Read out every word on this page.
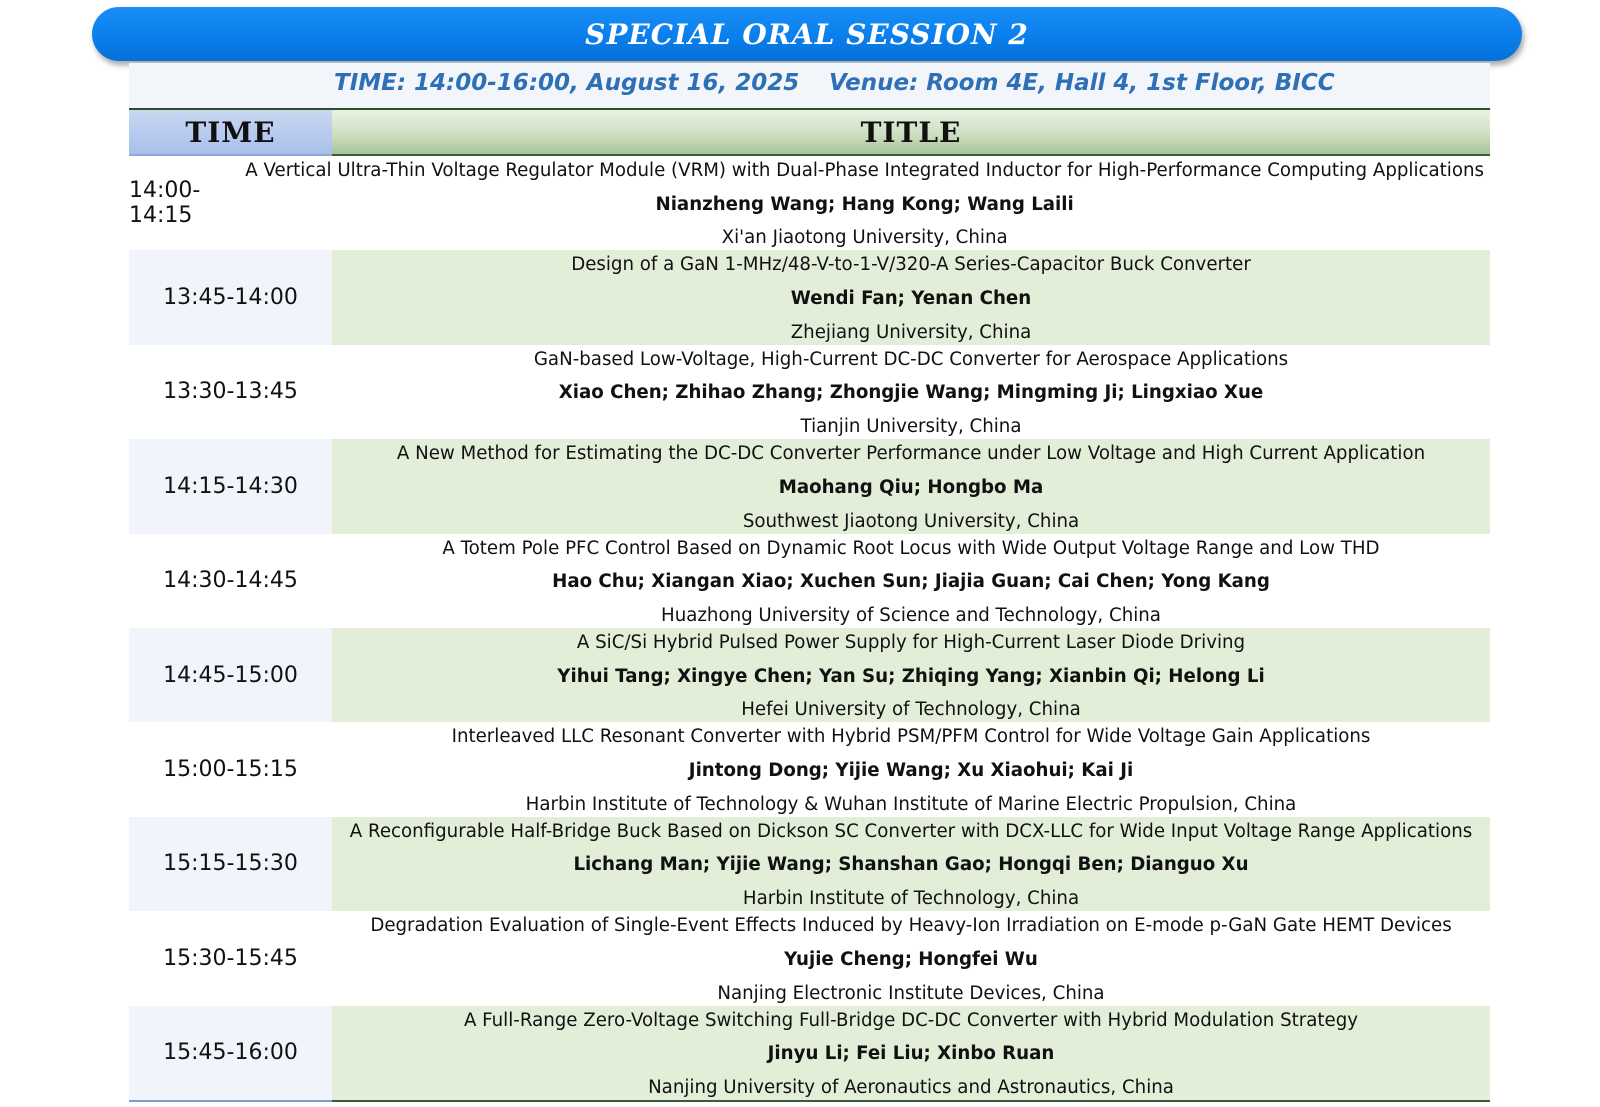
SPECIAL ORAL SESSION 2
TIME: 14:00-16:00, August 16, 2025 Venue: Room 4E, Hall 4, 1st Floor, BICC
TIME	TITLE
14:00-14:15
A Vertical Ultra-Thin Voltage Regulator Module (VRM) with Dual-Phase Integrated Inductor for High-Performance Computing Applications
Nianzheng Wang; Hang Kong; Wang Laili
Xi'an Jiaotong University, China
13:45-14:00
Design of a GaN 1-MHz/48-V-to-1-V/320-A Series-Capacitor Buck Converter
Wendi Fan; Yenan Chen
Zhejiang University, China
13:30-13:45
GaN-based Low-Voltage, High-Current DC-DC Converter for Aerospace Applications
Xiao Chen; Zhihao Zhang; Zhongjie Wang; Mingming Ji; Lingxiao Xue
Tianjin University, China
14:15-14:30
A New Method for Estimating the DC-DC Converter Performance under Low Voltage and High Current Application
Maohang Qiu; Hongbo Ma
Southwest Jiaotong University, China
14:30-14:45
A Totem Pole PFC Control Based on Dynamic Root Locus with Wide Output Voltage Range and Low THD
Hao Chu; Xiangan Xiao; Xuchen Sun; Jiajia Guan; Cai Chen; Yong Kang
Huazhong University of Science and Technology, China
14:45-15:00
A SiC/Si Hybrid Pulsed Power Supply for High-Current Laser Diode Driving
Yihui Tang; Xingye Chen; Yan Su; Zhiqing Yang; Xianbin Qi; Helong Li
Hefei University of Technology, China
15:00-15:15
Interleaved LLC Resonant Converter with Hybrid PSM/PFM Control for Wide Voltage Gain Applications
Jintong Dong; Yijie Wang; Xu Xiaohui; Kai Ji
Harbin Institute of Technology & Wuhan Institute of Marine Electric Propulsion, China
15:15-15:30
A Reconfigurable Half-Bridge Buck Based on Dickson SC Converter with DCX-LLC for Wide Input Voltage Range Applications
Lichang Man; Yijie Wang; Shanshan Gao; Hongqi Ben; Dianguo Xu
Harbin Institute of Technology, China
15:30-15:45
Degradation Evaluation of Single-Event Effects Induced by Heavy-Ion Irradiation on E-mode p-GaN Gate HEMT Devices
Yujie Cheng; Hongfei Wu
Nanjing Electronic Institute Devices, China
15:45-16:00
A Full-Range Zero-Voltage Switching Full-Bridge DC-DC Converter with Hybrid Modulation Strategy
Jinyu Li; Fei Liu; Xinbo Ruan
Nanjing University of Aeronautics and Astronautics, China
